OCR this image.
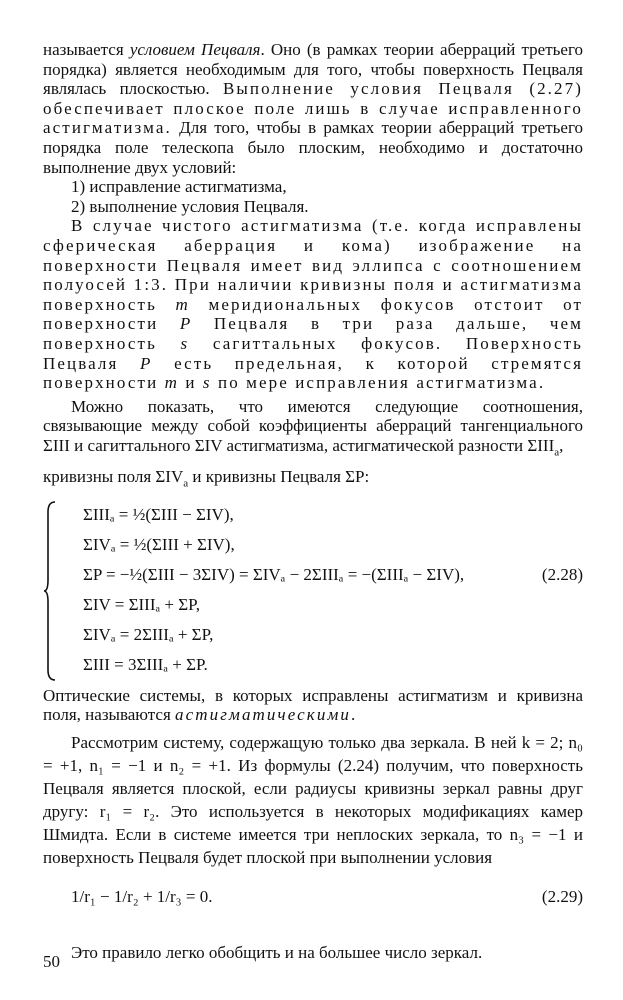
называется условием Пецваля. Оно (в рамках теории аберраций третьего порядка) является необходимым для того, чтобы поверхность Пецваля являлась плоскостью. Выполнение условия Пецваля (2.27) обеспечивает плоское поле лишь в случае исправленного астигматизма. Для того, чтобы в рамках теории аберраций третьего порядка поле телескопа было плоским, необходимо и достаточно выполнение двух условий:

1) исправление астигматизма,

2) выполнение условия Пецваля.

В случае чистого астигматизма (т.е. когда исправлены сферическая аберрация и кома) изображение на поверхности Пецваля имеет вид эллипса с соотношением полуосей 1:3. При наличии кривизны поля и астигматизма поверхность m меридиональных фокусов отстоит от поверхности P Пецваля в три раза дальше, чем поверхность s сагиттальных фокусов. Поверхность Пецваля P есть предельная, к которой стремятся поверхности m и s по мере исправления астигматизма.

Можно показать, что имеются следующие соотношения, связывающие между собой коэффициенты аберраций тангенциального ΣIII и сагиттального ΣIV астигматизма, астигматической разности $\Sigma III_a$,

кривизны поля $\Sigma IV_a$ и кривизны Пецваля ΣP:

ΣIIIₐ = ½(ΣIII − ΣIV),
ΣIVₐ = ½(ΣIII + ΣIV),
ΣP = −½(ΣIII − 3ΣIV) = ΣIVₐ − 2ΣIIIₐ = −(ΣIIIₐ − ΣIV),
ΣIV = ΣIIIₐ + ΣP,
ΣIVₐ = 2ΣIIIₐ + ΣP,
ΣIII = 3ΣIIIₐ + ΣP.
(2.28)

Оптические системы, в которых исправлены астигматизм и кривизна поля, называются астигматическими.

Рассмотрим систему, содержащую только два зеркала. В ней k = 2; n₀ = +1, n₁ = −1 и n₂ = +1. Из формулы (2.24) получим, что поверхность Пецваля является плоской, если радиусы кривизны зеркал равны друг другу: r₁ = r₂. Это используется в некоторых модификациях камер Шмидта. Если в системе имеется три неплоских зеркала, то n₃ = −1 и поверхность Пецваля будет плоской при выполнении условия

1/r₁ − 1/r₂ + 1/r₃ = 0.	(2.29)

Это правило легко обобщить и на большее число зеркал.

50
